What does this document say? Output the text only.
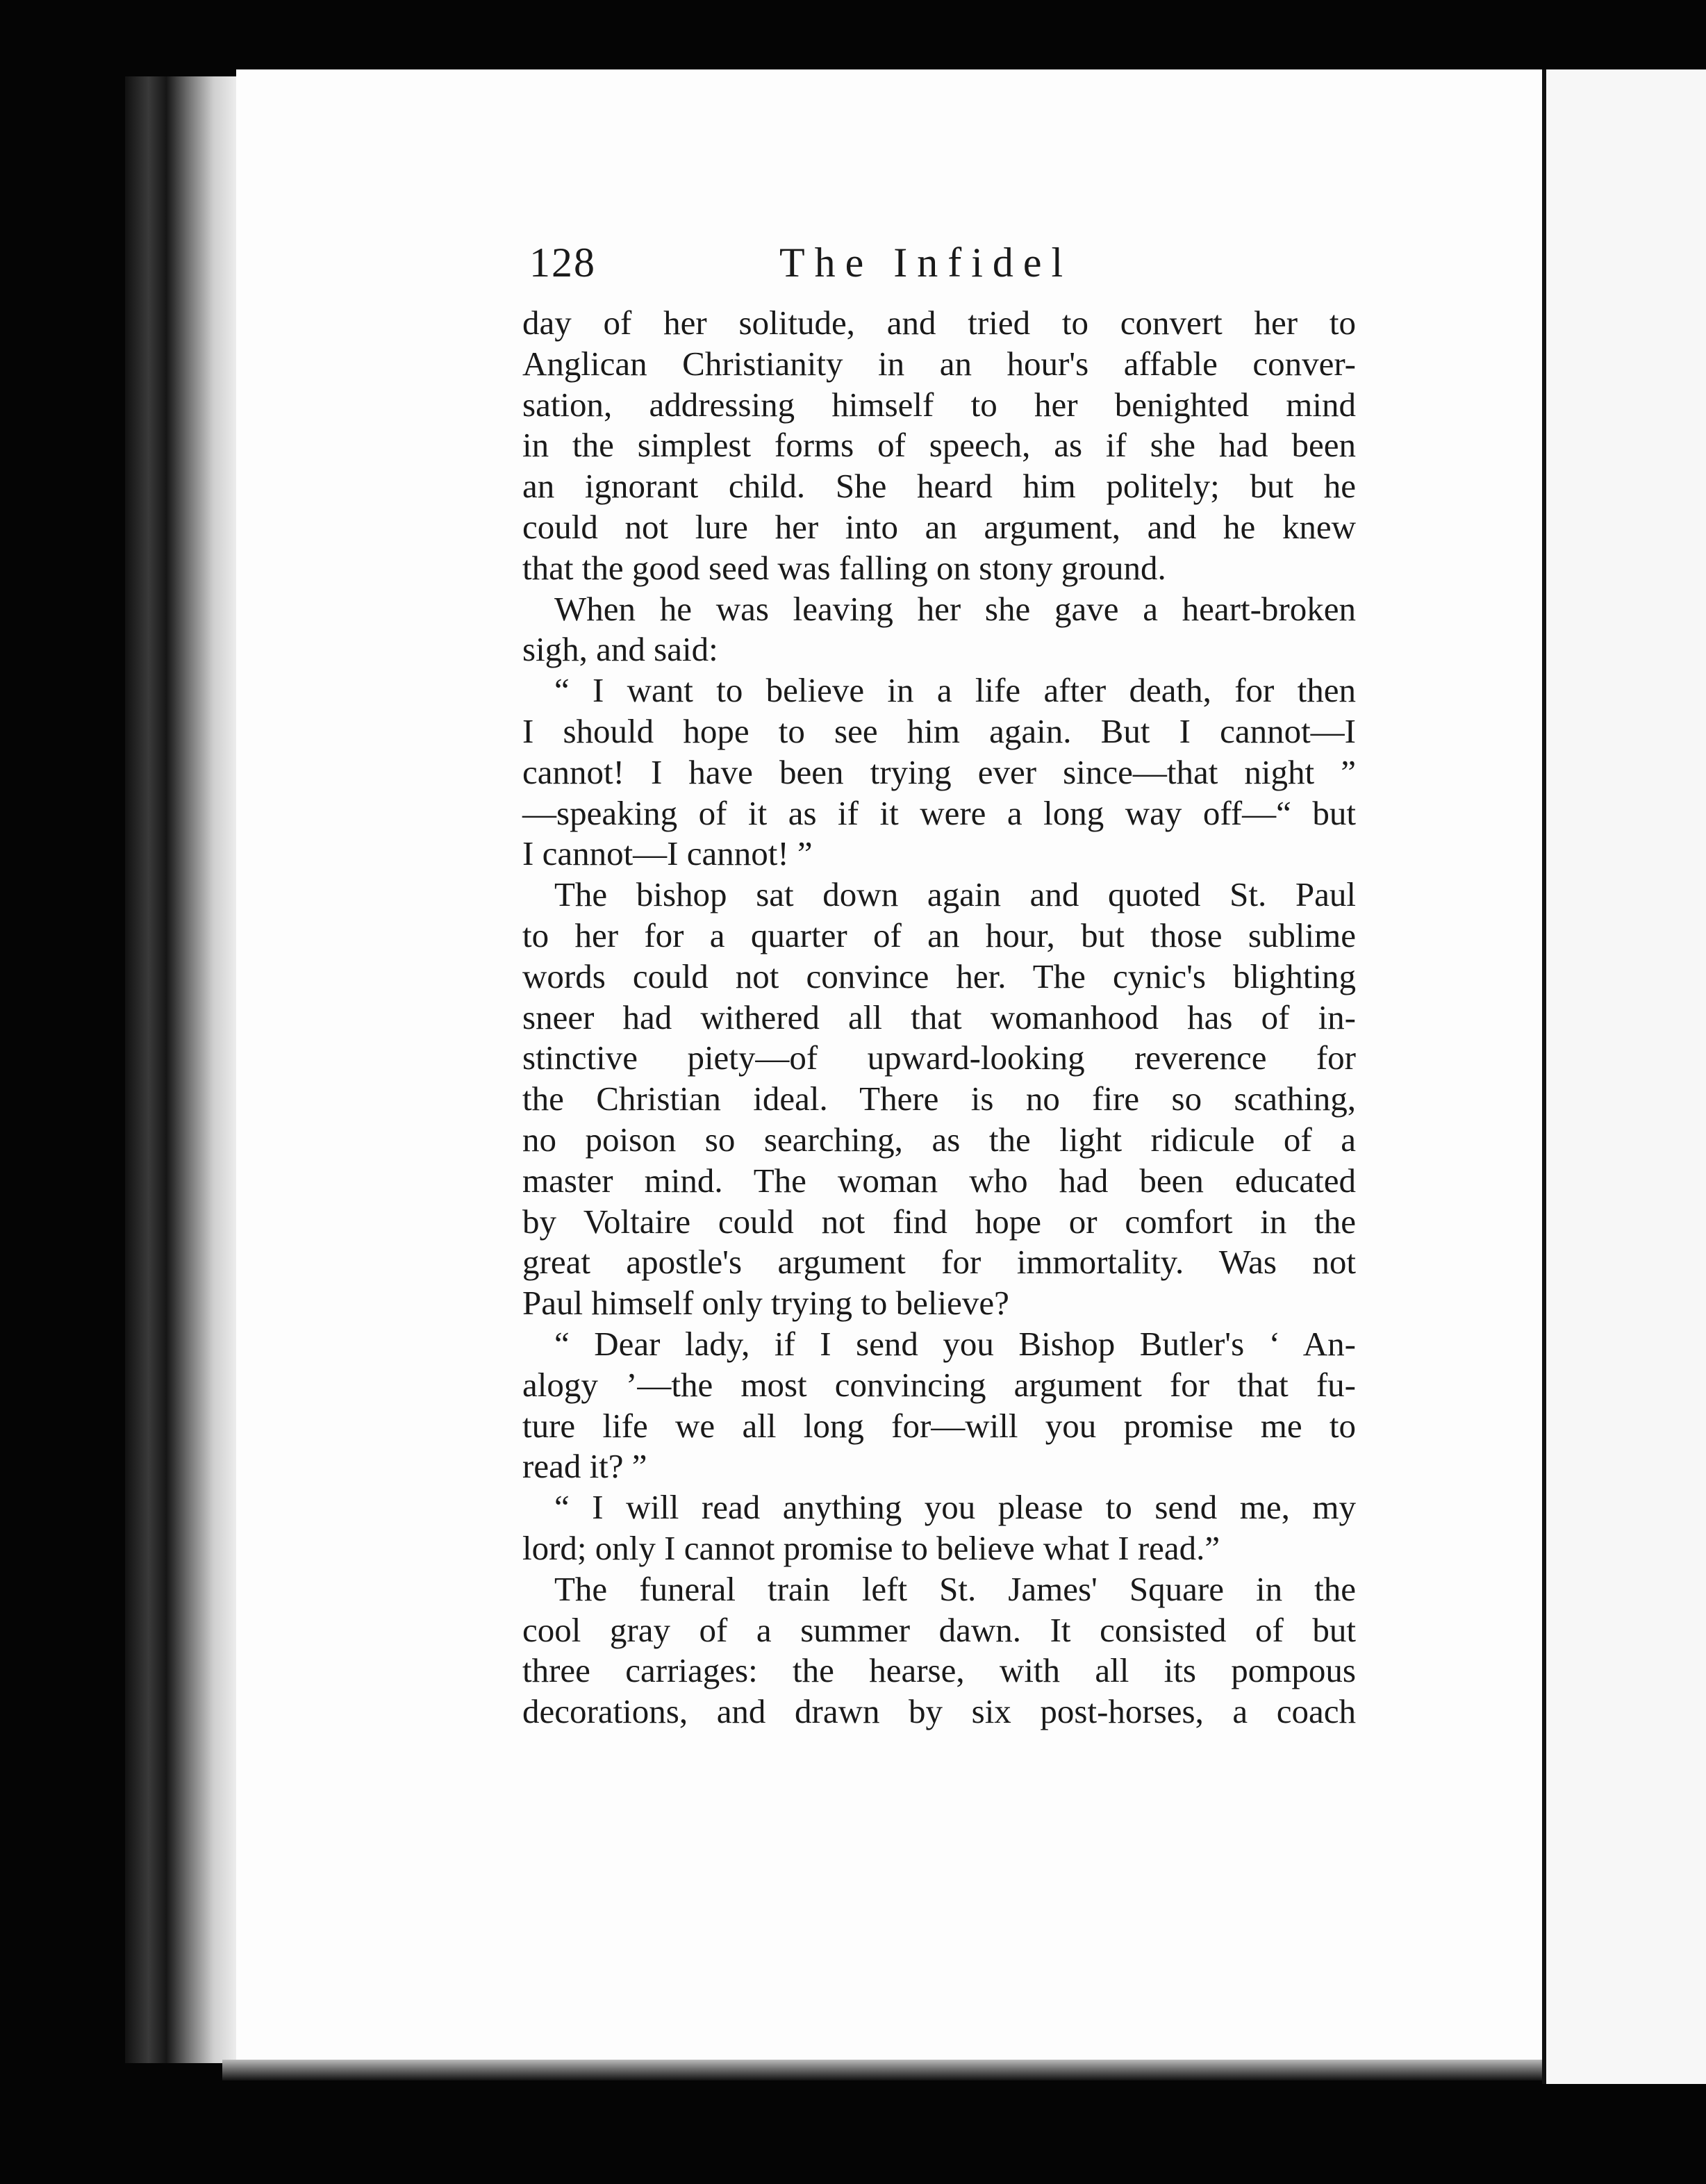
128	The Infidel
day of her solitude, and tried to convert her to
Anglican Christianity in an hour's affable conver-
sation, addressing himself to her benighted mind
in the simplest forms of speech, as if she had been
an ignorant child. She heard him politely; but he
could not lure her into an argument, and he knew
that the good seed was falling on stony ground.
When he was leaving her she gave a heart-broken
sigh, and said:
“ I want to believe in a life after death, for then
I should hope to see him again. But I cannot—I
cannot! I have been trying ever since—that night ”
—speaking of it as if it were a long way off—“ but
I cannot—I cannot! ”
The bishop sat down again and quoted St. Paul
to her for a quarter of an hour, but those sublime
words could not convince her. The cynic's blighting
sneer had withered all that womanhood has of in-
stinctive piety—of upward-looking reverence for
the Christian ideal. There is no fire so scathing,
no poison so searching, as the light ridicule of a
master mind. The woman who had been educated
by Voltaire could not find hope or comfort in the
great apostle's argument for immortality. Was not
Paul himself only trying to believe?
“ Dear lady, if I send you Bishop Butler's ‘ An-
alogy ’—the most convincing argument for that fu-
ture life we all long for—will you promise me to
read it? ”
“ I will read anything you please to send me, my
lord; only I cannot promise to believe what I read.”
The funeral train left St. James' Square in the
cool gray of a summer dawn. It consisted of but
three carriages: the hearse, with all its pompous
decorations, and drawn by six post-horses, a coach
